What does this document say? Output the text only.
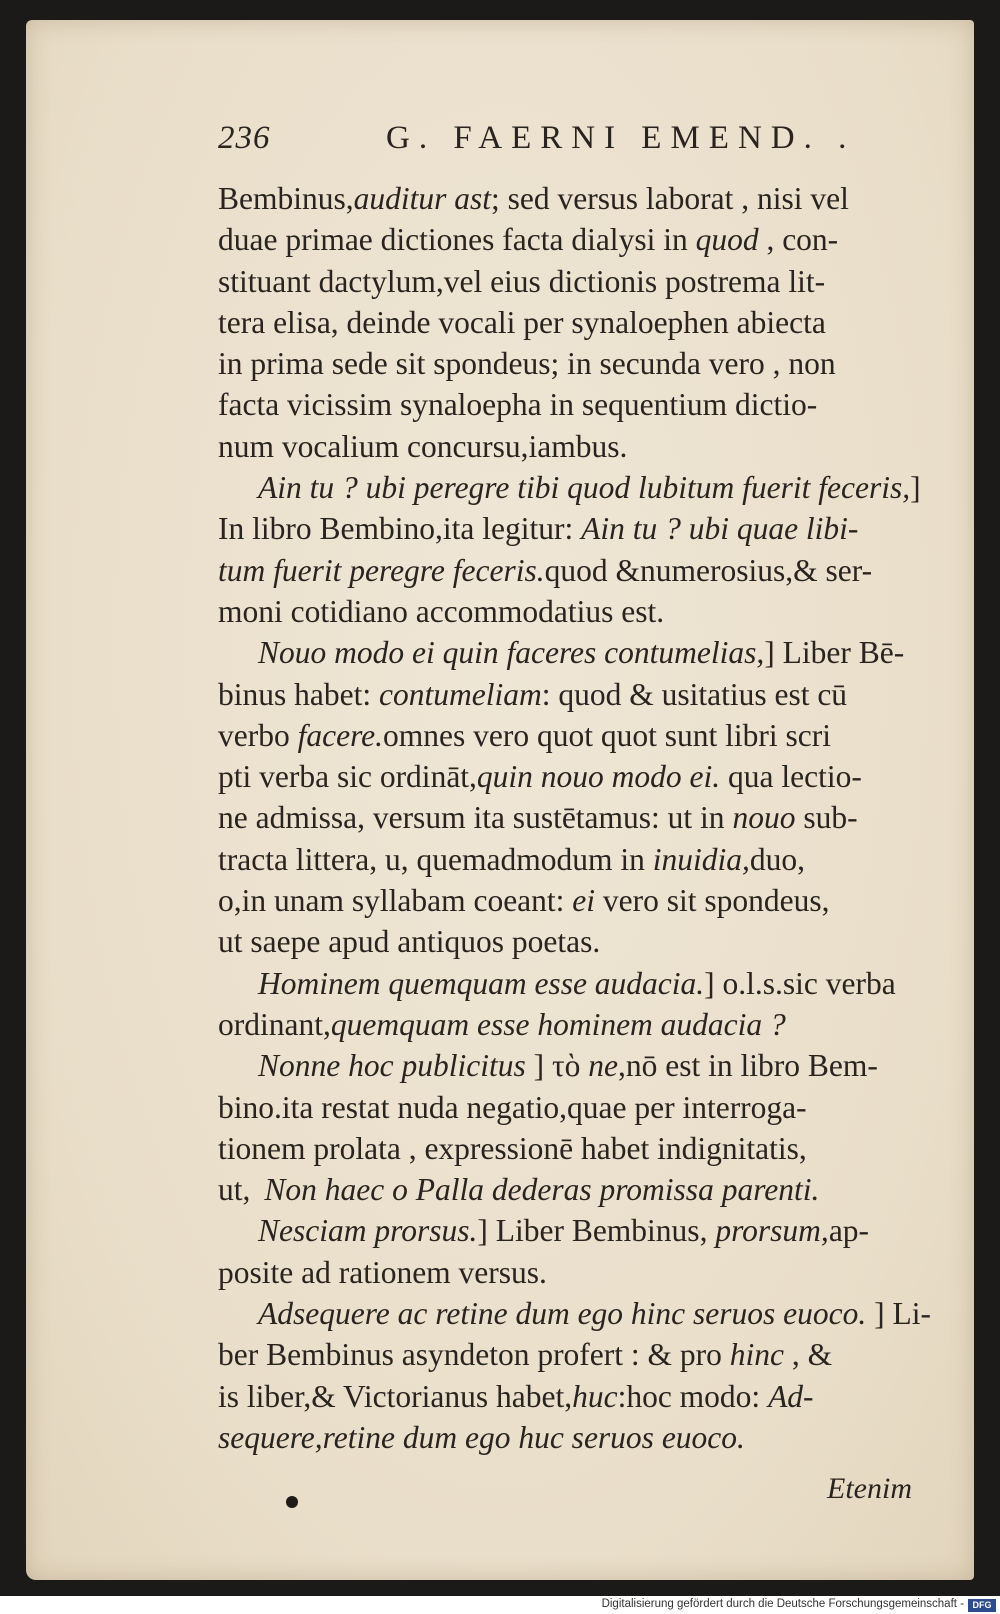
236	G. FAERNI EMEND. .
Bembinus,auditur ast; sed versus laborat , nisi vel
duae primae dictiones facta dialysi in quod , con-
stituant dactylum,vel eius dictionis postrema lit-
tera elisa, deinde vocali per synaloephen abiecta
in prima sede sit spondeus; in secunda vero , non
facta vicissim synaloepha in sequentium dictio-
num vocalium concursu,iambus.
Ain tu ? ubi peregre tibi quod lubitum fuerit feceris,]
In libro Bembino,ita legitur: Ain tu ? ubi quae libi-
tum fuerit peregre feceris.quod &numerosius,& ser-
moni cotidiano accommodatius est.
Nouo modo ei quin faceres contumelias,] Liber Bē-
binus habet: contumeliam: quod & usitatius est cū
verbo facere.omnes vero quot quot sunt libri scri
pti verba sic ordināt,quin nouo modo ei. qua lectio-
ne admissa, versum ita sustētamus: ut in nouo sub-
tracta littera, u, quemadmodum in inuidia,duo,
o,in unam syllabam coeant: ei vero sit spondeus,
ut saepe apud antiquos poetas.
Hominem quemquam esse audacia.] o.l.s.sic verba
ordinant,quemquam esse hominem audacia ?
Nonne hoc publicitus ] τὸ ne,nō est in libro Bem-
bino.ita restat nuda negatio,quae per interroga-
tionem prolata , expressionē habet indignitatis,
ut, Non haec o Palla dederas promissa parenti.
Nesciam prorsus.] Liber Bembinus, prorsum,ap-
posite ad rationem versus.
Adsequere ac retine dum ego hinc seruos euoco. ] Li-
ber Bembinus asyndeton profert : & pro hinc , &
is liber,& Victorianus habet,huc:hoc modo: Ad-
sequere,retine dum ego huc seruos euoco.
Etenim
Digitalisierung gefördert durch die Deutsche Forschungsgemeinschaft - DFG
